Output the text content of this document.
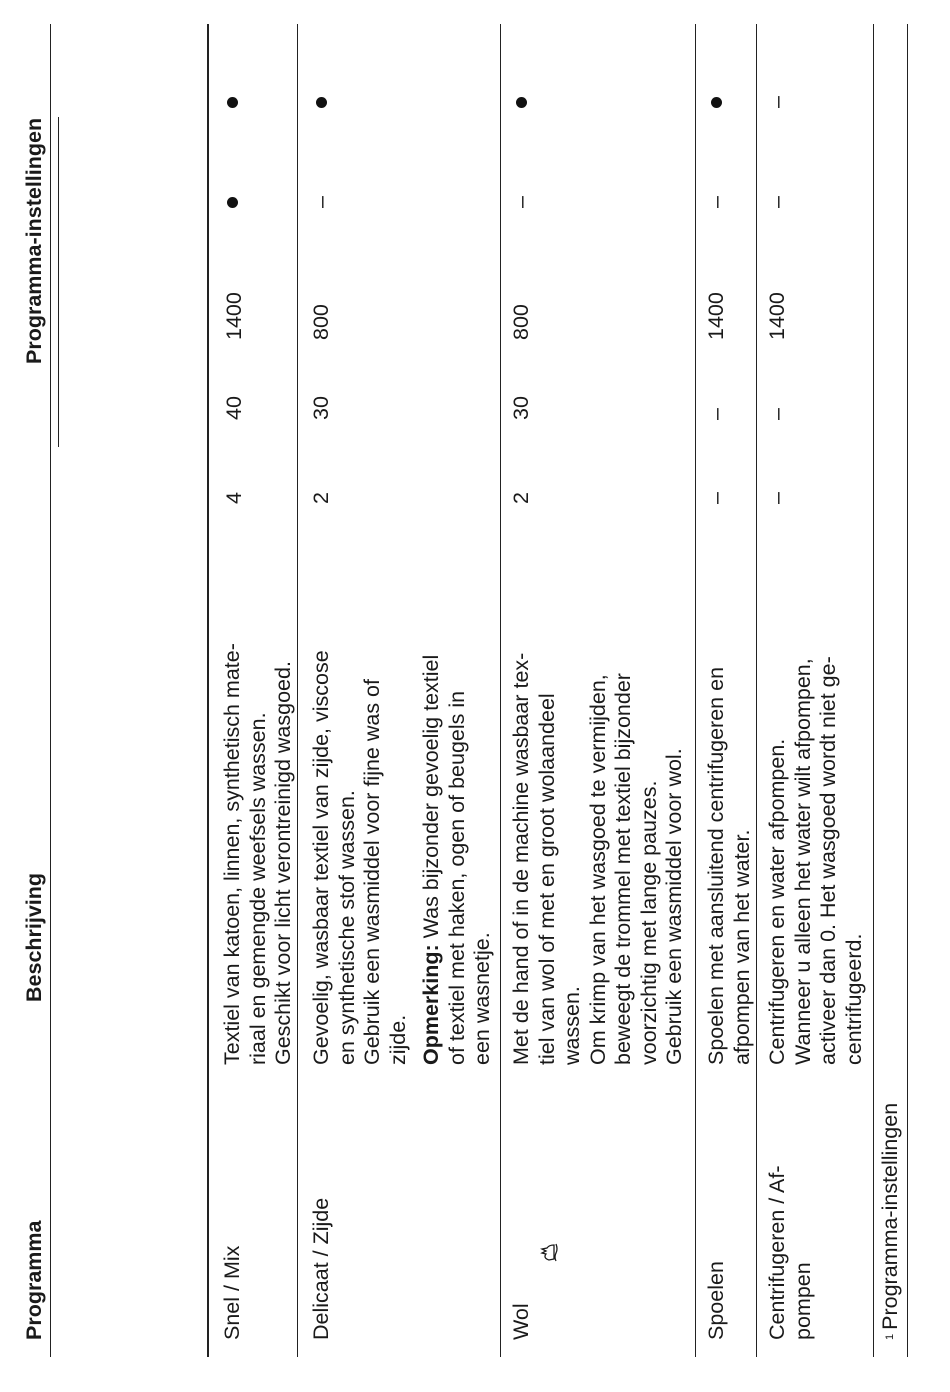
Programma
Beschrijving
Programma-instellingen
Snel / Mix
Textiel van katoen, linnen, synthetisch mate- riaal en gemengde weefsels wassen. Geschikt voor licht verontreinigd wasgoed.
4
40
1400
Delicaat / Zijde
Gevoelig, wasbaar textiel van zijde, viscose en synthetische stof wassen. Gebruik een wasmiddel voor fijne was of zijde. Opmerking: Was bijzonder gevoelig textiel of textiel met haken, ogen of beugels in een wasnetje.
2
30
800
–
Wol

Met de hand of in de machine wasbaar tex- tiel van wol of met en groot wolaandeel wassen. Om krimp van het wasgoed te vermijden, beweegt de trommel met textiel bijzonder voorzichtig met lange pauzes. Gebruik een wasmiddel voor wol.
2
30
800
–
Spoelen
Spoelen met aansluitend centrifugeren en afpompen van het water.
–
–
1400
–
Centrifugeren / Af- pompen
Centrifugeren en water afpompen. Wanneer u alleen het water wilt afpompen, activeer dan 0. Het wasgoed wordt niet ge- centrifugeerd.
–
–
1400
–
–
$^1$Programma-instellingen
